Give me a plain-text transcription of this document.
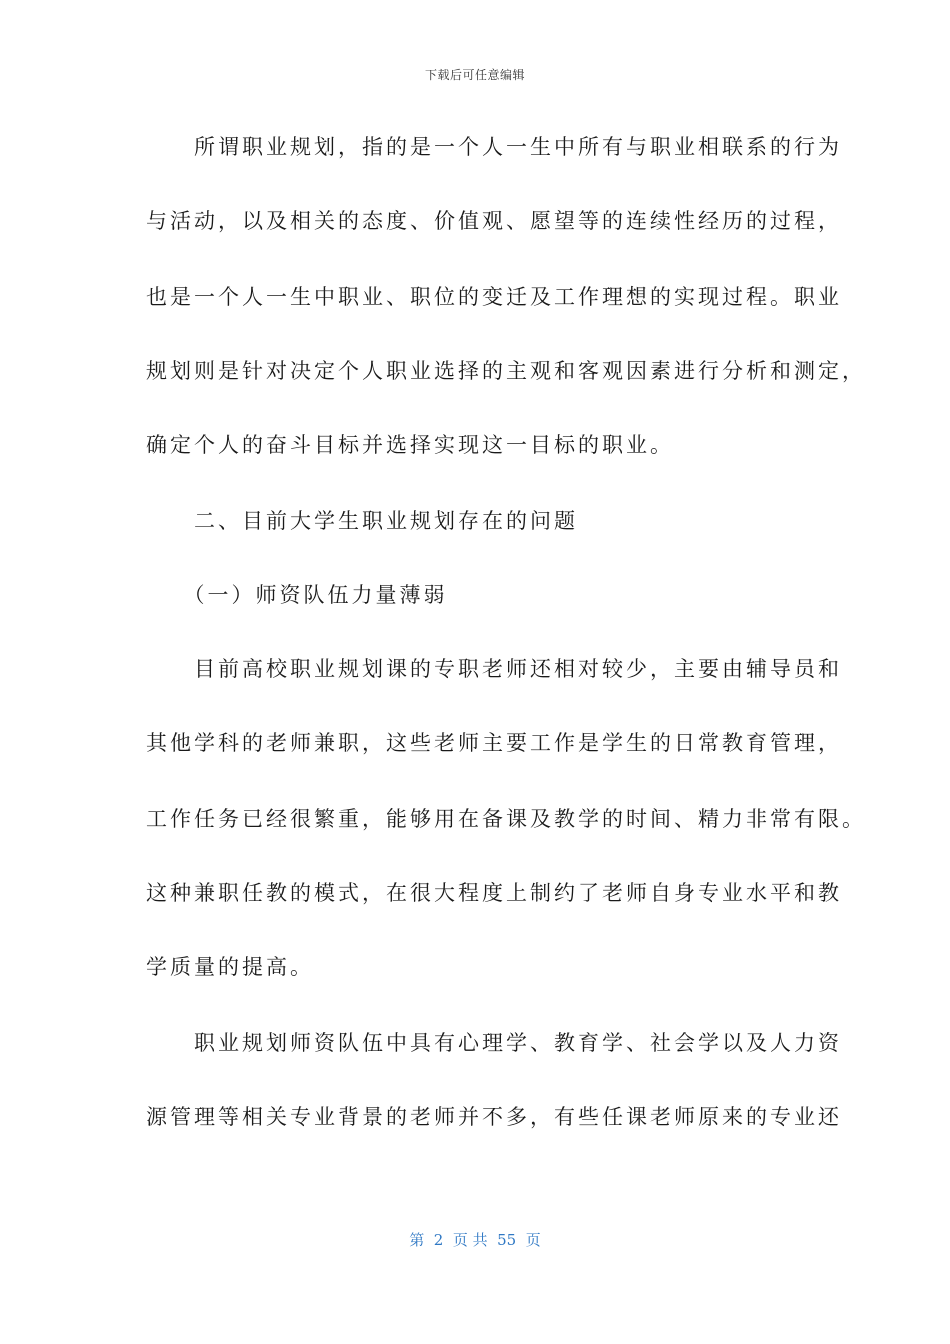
下载后可任意编辑
　　所谓职业规划，指的是一个人一生中所有与职业相联系的行为
与活动，以及相关的态度、价值观、愿望等的连续性经历的过程，
也是一个人一生中职业、职位的变迁及工作理想的实现过程。职业
规划则是针对决定个人职业选择的主观和客观因素进行分析和测定，
确定个人的奋斗目标并选择实现这一目标的职业。
　　二、目前大学生职业规划存在的问题
　　（一）师资队伍力量薄弱
　　目前高校职业规划课的专职老师还相对较少，主要由辅导员和
其他学科的老师兼职，这些老师主要工作是学生的日常教育管理，
工作任务已经很繁重，能够用在备课及教学的时间、精力非常有限。
这种兼职任教的模式，在很大程度上制约了老师自身专业水平和教
学质量的提高。
　　职业规划师资队伍中具有心理学、教育学、社会学以及人力资
源管理等相关专业背景的老师并不多，有些任课老师原来的专业还
第  2  页 共  55  页
